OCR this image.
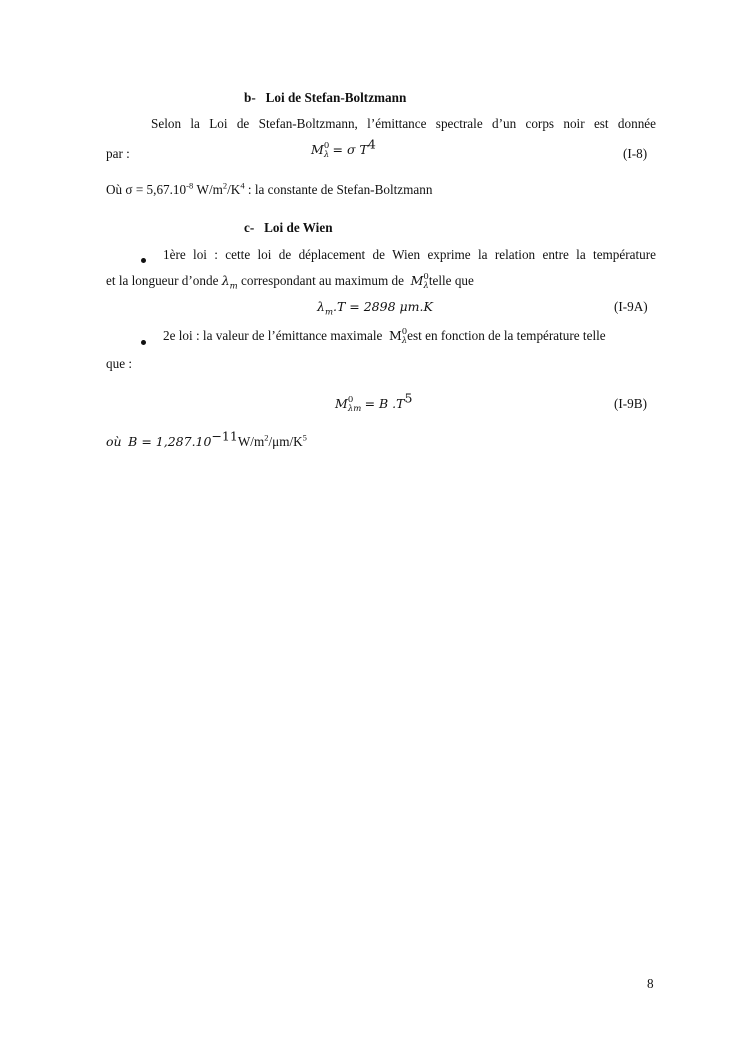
b- Loi de Stefan-Boltzmann
Selon la Loi de Stefan-Boltzmann, l’émittance spectrale d’un corps noir est donnée
par :	M 0
λ = σ $T^4$
(I-8)
Où $\sigma = 5,67.10^{-8}$ $W/m^2/K^4$ : la constante de Stefan-Boltzmann
c- Loi de Wien
1ère loi : cette loi de déplacement de Wien exprime la relation entre la température
et la longueur d’onde $\lambda_m$ correspondant au maximum de M 0
λ telle que
$\lambda_m.T = 2898$ μm.K	(I-9A)
2e loi : la valeur de l’émittance maximale M 0
λ est en fonction de la température telle
que :
M 0
λm = B $.T^5$	(I-9B)
où $B = 1,287.10^{-11}W/m^2/\mu m/K^5$
8
